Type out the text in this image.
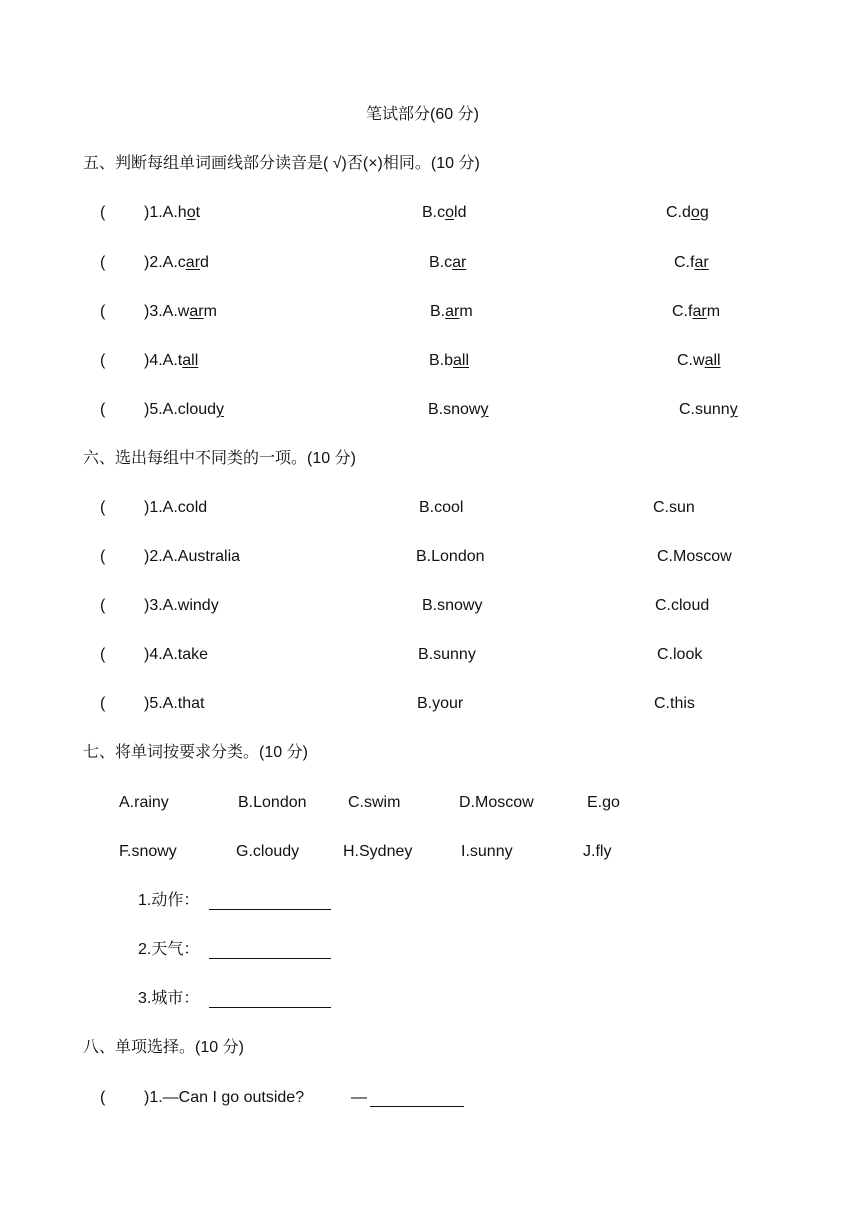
笔试部分(60 分)
五、判断每组单词画线部分读音是( √)否(×)相同。(10 分)
( )1.A.hot	B.cold	C.dog
( )2.A.card	B.car	C.far
( )3.A.warm	B.arm	C.farm
( )4.A.tall	B.ball	C.wall
( )5.A.cloudy	B.snowy	C.sunny
六、选出每组中不同类的一项。(10 分)
( )1.A.cold	B.cool	C.sun
( )2.A.Australia	B.London	C.Moscow
( )3.A.windy	B.snowy	C.cloud
( )4.A.take	B.sunny	C.look
( )5.A.that	B.your	C.this
七、将单词按要求分类。(10 分)
A.rainy	B.London	C.swim	D.Moscow	E.go
F.snowy	G.cloudy	H.Sydney	I.sunny	J.fly
1.动作：
2.天气：
3.城市：
八、单项选择。(10 分)
( )1.—Can I go outside?	—
